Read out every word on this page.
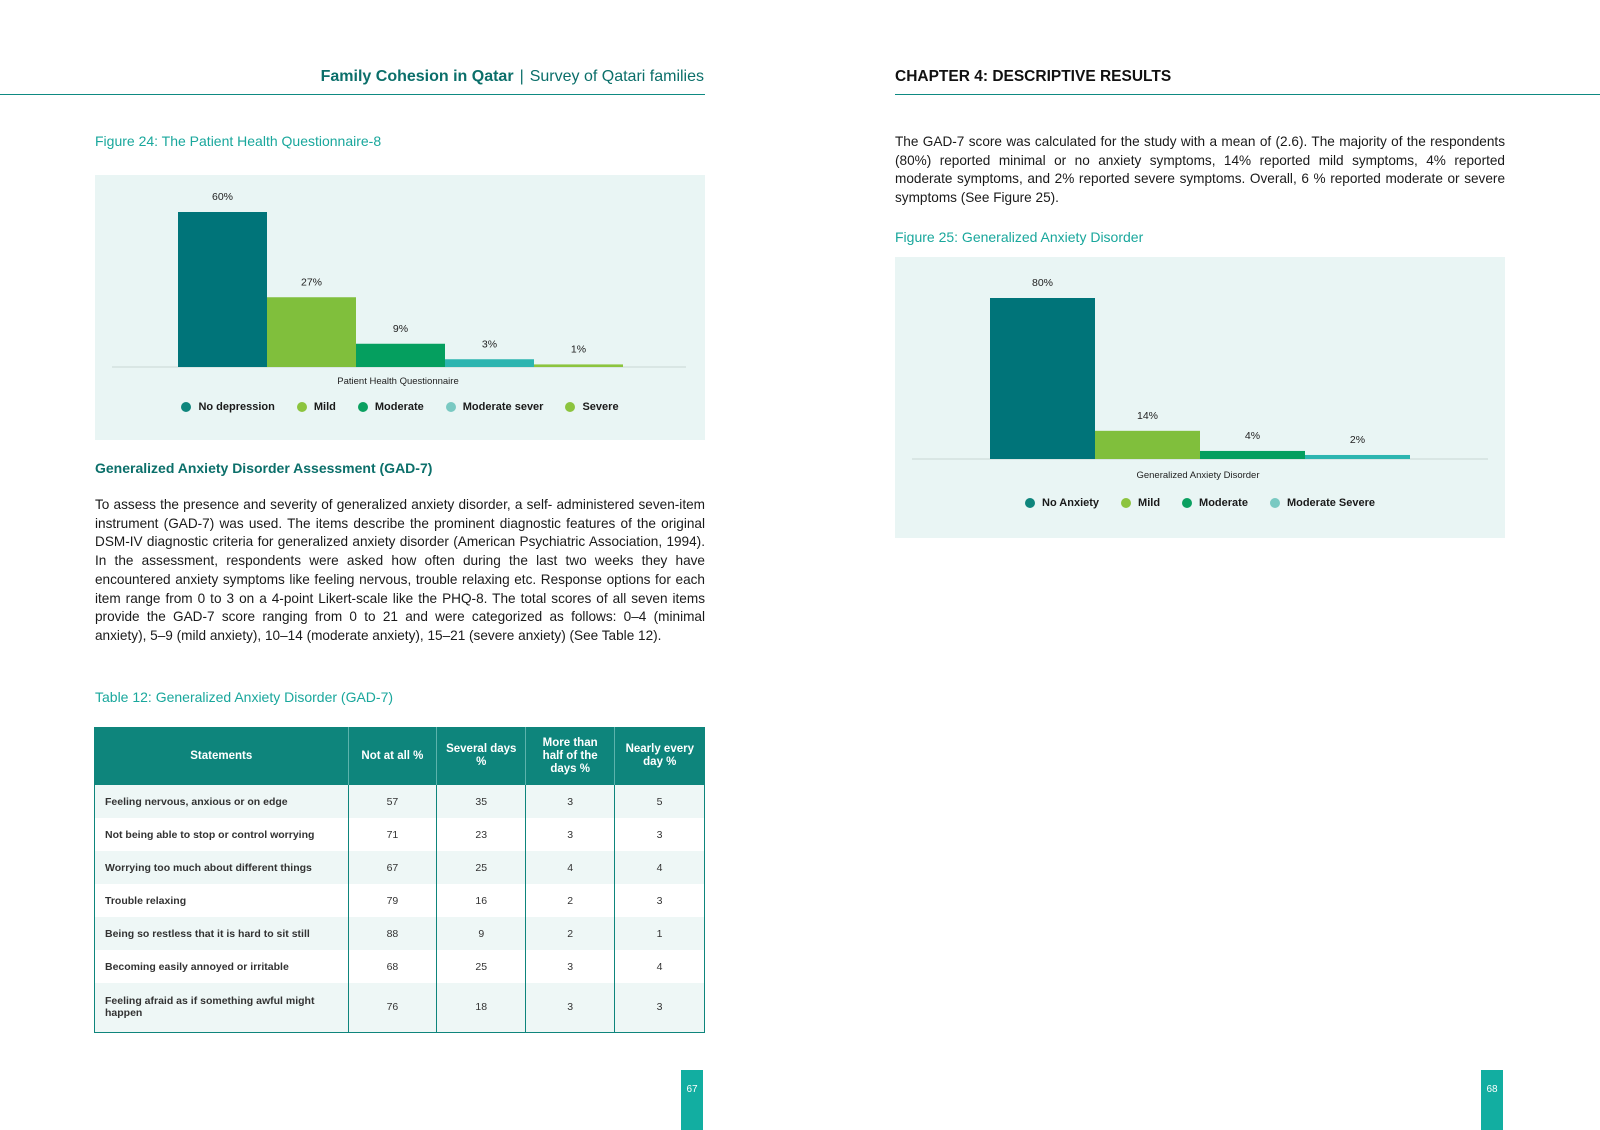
Family Cohesion in Qatar | Survey of Qatari families
Figure 24: The Patient Health Questionnaire-8
60%
27%
9%
3%	1%
Patient Health Questionnaire
No depression	Mild	Moderate	Moderate sever	Severe
Generalized Anxiety Disorder Assessment (GAD-7)
To assess the presence and severity of generalized anxiety disorder, a self- administered seven-item instrument (GAD-7) was used. The items describe the prominent diagnostic features of the original DSM-IV diagnostic criteria for generalized anxiety disorder (American Psychiatric Association, 1994). In the assessment, respondents were asked how often during the last two weeks they have encountered anxiety symptoms like feeling nervous, trouble relaxing etc. Response options for each item range from 0 to 3 on a 4-point Likert-scale like the PHQ-8. The total scores of all seven items provide the GAD-7 score ranging from 0 to 21 and were categorized as follows: 0–4 (minimal anxiety), 5–9 (mild anxiety), 10–14 (moderate anxiety), 15–21 (severe anxiety) (See Table 12).
Table 12: Generalized Anxiety Disorder (GAD-7)
Statements	Not at all %	Several days %	More than half of the days %	Nearly every day %
Feeling nervous, anxious or on edge	57	35	3	5
Not being able to stop or control worrying	71	23	3	3
Worrying too much about different things	67	25	4	4
Trouble relaxing	79	16	2	3
Being so restless that it is hard to sit still	88	9	2	1
Becoming easily annoyed or irritable	68	25	3	4
Feeling afraid as if something awful might happen	76	18	3	3
67
CHAPTER 4: DESCRIPTIVE RESULTS
The GAD-7 score was calculated for the study with a mean of (2.6). The majority of the respondents (80%) reported minimal or no anxiety symptoms, 14% reported mild symptoms, 4% reported moderate symptoms, and 2% reported severe symptoms. Overall, 6 % reported moderate or severe symptoms (See Figure 25).
Figure 25: Generalized Anxiety Disorder
80%
14%
4%	2%
Generalized Anxiety Disorder
No Anxiety	Mild	Moderate	Moderate Severe
68
